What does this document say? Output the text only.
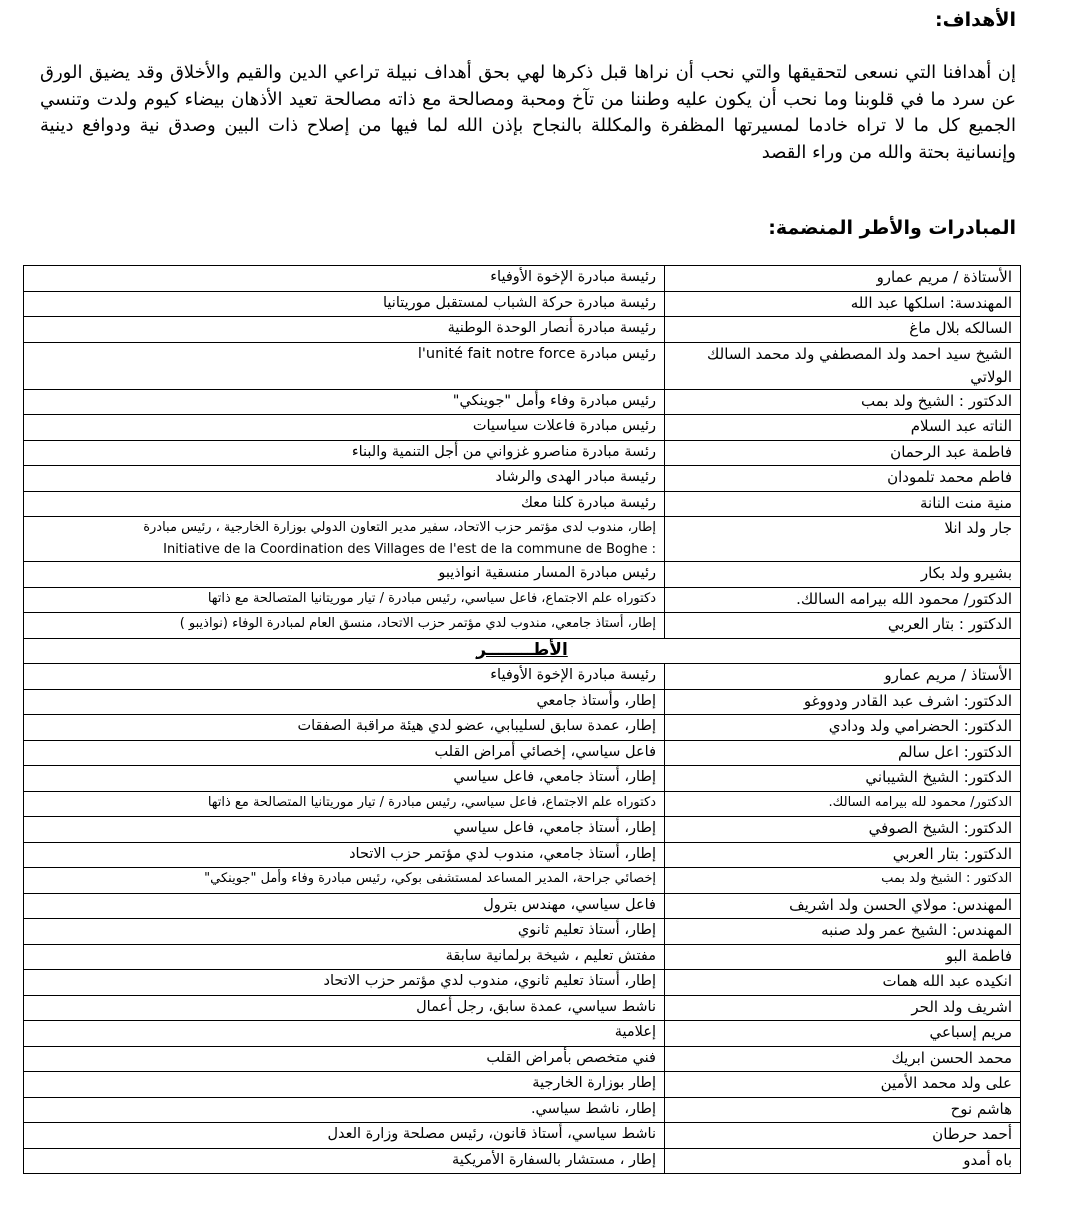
الأهداف:

إن أهدافنا التي نسعى لتحقيقها والتي نحب أن نراها قبل ذكرها لهي بحق أهداف نبيلة تراعي الدين والقيم والأخلاق وقد يضيق الورق عن سرد ما في قلوبنا وما نحب أن يكون عليه وطننا من تآخ ومحبة ومصالحة مع ذاته مصالحة تعيد الأذهان بيضاء كيوم ولدت وتنسي الجميع كل ما لا تراه خادما لمسيرتها المظفرة والمكللة بالنجاح بإذن الله لما فيها من إصلاح ذات البين وصدق نية ودوافع دينية وإنسانية بحتة والله من وراء القصد

المبادرات والأطر المنضمة:
الأستاذة / مريم عمارو	رئيسة مبادرة الإخوة الأوفياء
المهندسة: اسلكها عبد الله	رئيسة مبادرة حركة الشباب لمستقبل موريتانيا
السالكه بلال ماغ	رئيسة مبادرة أنصار الوحدة الوطنية
الشيخ سيد احمد ولد المصطفي ولد محمد السالك الولاتي	رئيس مبادرة l'unité fait notre force
الدكتور : الشيخ ولد بمب	رئيس مبادرة وفاء وأمل "جوينكي"
الناته عبد السلام	رئيس مبادرة فاعلات سياسيات
فاطمة عبد الرحمان	رئسة مبادرة مناصرو غزواني من أجل التنمية والبناء
فاطم محمد تلمودان	رئيسة مبادر الهدى والرشاد
منية منت النانة	رئيسة مبادرة كلنا معك
جار ولد انلا	إطار، مندوب لدى مؤتمر حزب الاتحاد، سفير مدير التعاون الدولي بوزارة الخارجية ، رئيس مبادرة
Initiative de la Coordination des Villages de l'est de la commune de Boghe :

بشيرو ولد بكار	رئيس مبادرة المسار منسقية انواذيبو
الدكتور/ محمود الله بيرامه السالك.	دكتوراه علم الاجتماع، فاعل سياسي، رئيس مبادرة / تيار موريتانيا المتصالحة مع ذاتها
الدكتور : بتار العربي	إطار، أستاذ جامعي، مندوب لدي مؤتمر حزب الاتحاد، منسق العام لمبادرة الوفاء (نواذيبو )
الأطــــــــر	
الأستاذ / مريم عمارو	رئيسة مبادرة الإخوة الأوفياء
الدكتور: اشرف عبد القادر ودووغو	إطار، وأستاذ جامعي
الدكتور: الحضرامي ولد ودادي	إطار، عمدة سابق لسليبابي، عضو لدي هيئة مراقبة الصفقات
الدكتور: اعل سالم	فاعل سياسي، إخصائي أمراض القلب
الدكتور: الشيخ الشيباني	إطار، أستاذ جامعي، فاعل سياسي
الدكتور/ محمود لله بيرامه السالك.	دكتوراه علم الاجتماع، فاعل سياسي، رئيس مبادرة / تيار موريتانيا المتصالحة مع ذاتها
الدكتور: الشيخ الصوفي	إطار، أستاذ جامعي، فاعل سياسي
الدكتور: بتار العربي	إطار، أستاذ جامعي، مندوب لدي مؤتمر حزب الاتحاد
الدكتور : الشيخ ولد بمب	إخصائي جراحة، المدير المساعد لمستشفى بوكي، رئيس مبادرة وفاء وأمل "جوينكي"
المهندس: مولاي الحسن ولد اشريف	فاعل سياسي، مهندس بترول
المهندس: الشيخ عمر ولد صنبه	إطار، أستاذ تعليم ثانوي
فاطمة البو	مفتش تعليم ، شيخة برلمانية سابقة
انكيده عبد الله همات	إطار، أستاذ تعليم ثانوي، مندوب لدي مؤتمر حزب الاتحاد
اشريف ولد الحر	ناشط سياسي، عمدة سابق، رجل أعمال
مريم إسباعي	إعلامية
محمد الحسن ابريك	فني متخصص بأمراض القلب
على ولد محمد الأمين	إطار بوزارة الخارجية
هاشم نوح	إطار، ناشط سياسي.
أحمد حرطان	ناشط سياسي، أستاذ قانون، رئيس مصلحة وزارة العدل
باه أمدو	إطار ، مستشار بالسفارة الأمريكية
